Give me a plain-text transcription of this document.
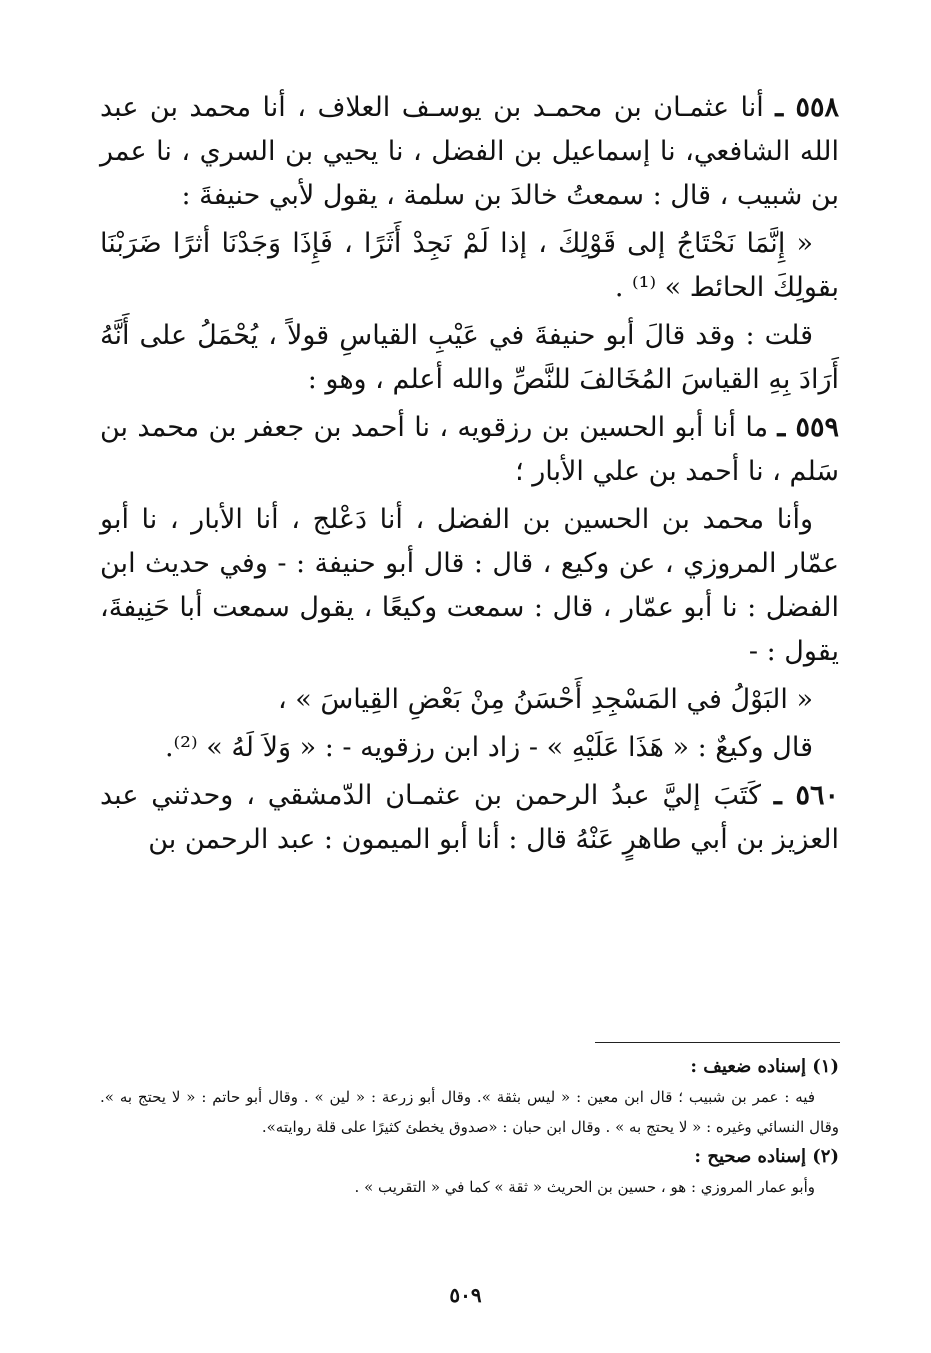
٥٥٨ ـ أنا عثمـان بن محمـد بن يوسـف العلاف ، أنا محمد بن عبد الله الشافعي، نا إسماعيل بن الفضل ، نا يحيي بن السري ، نا عمر بن شبيب ، قال : سمعتُ خالدَ بن سلمة ، يقول لأبي حنيفةَ :

« إِنَّمَا نَحْتَاجُ إلى قَوْلِكَ ، إذا لَمْ نَجِدْ أَثَرًا ، فَإِذَا وَجَدْنَا أثرًا ضَرَبْنَا بقولِكَ الحائط » ⁽¹⁾ .

قلت : وقد قالَ أبو حنيفةَ في عَيْبِ القياسِ قولاً ، يُحْمَلُ على أَنَّهُ أَرَادَ بِهِ القياسَ المُخَالفَ للنَّصِّ والله أعلم ، وهو :

٥٥٩ ـ ما أنا أبو الحسين بن رزقويه ، نا أحمد بن جعفر بن محمد بن سَلم ، نا أحمد بن علي الأبار ؛

وأنا محمد بن الحسين بن الفضل ، أنا دَعْلج ، أنا الأبار ، نا أبو عمّار المروزي ، عن وكيع ، قال : قال أبو حنيفة : - وفي حديث ابن الفضل : نا أبو عمّار ، قال : سمعت وكيعًا ، يقول سمعت أبا حَنِيفةَ، يقول : -

« البَوْلُ في المَسْجِدِ أَحْسَنُ مِنْ بَعْضِ القِياسَ » ،

قال وكيعٌ : « هَذَا عَلَيْهِ » - زاد ابن رزقويه - : « وَلاَ لَهُ » ⁽²⁾.

٥٦٠ ـ كَتَبَ إليَّ عبدُ الرحمن بن عثمـان الدّمشقي ، وحدثني عبد العزيز بن أبي طاهرٍ عَنْهُ قال : أنا أبو الميمون : عبد الرحمن بن

(١) إسناده ضعيف :

فيه : عمر بن شبيب ؛ قال ابن معين : « ليس بثقة ». وقال أبو زرعة : « لين » . وقال أبو حاتم : « لا يحتج به ». وقال النسائي وغيره : « لا يحتج به » . وقال ابن حبان : «صدوق يخطئ كثيرًا على قلة روايته».

(٢) إسناده صحيح :

وأبو عمار المروزي : هو ، حسين بن الحريث « ثقة » كما في « التقريب » .

٥٠٩
